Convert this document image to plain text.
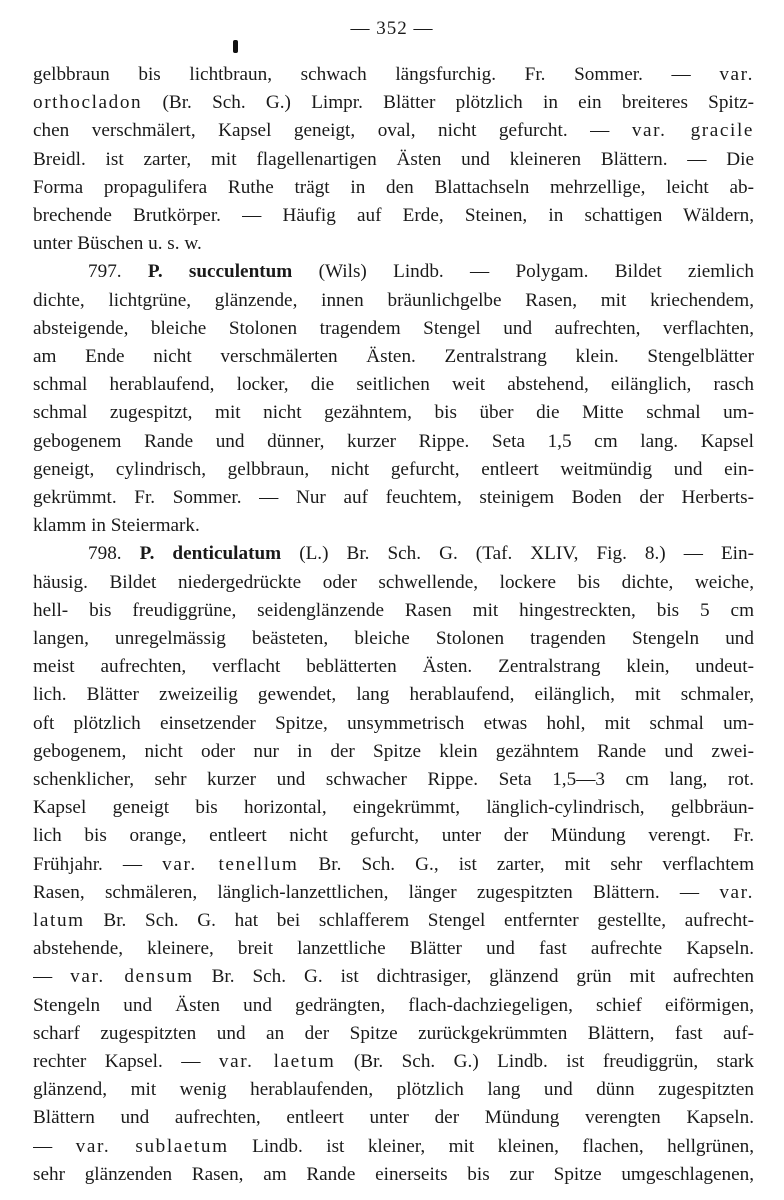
— 352 —
gelbbraun bis lichtbraun, schwach längsfurchig. Fr. Sommer. — var.
orthocladon (Br. Sch. G.) Limpr. Blätter plötzlich in ein breiteres Spitz-
chen verschmälert, Kapsel geneigt, oval, nicht gefurcht. — var. gracile
Breidl. ist zarter, mit flagellenartigen Ästen und kleineren Blättern. — Die
Forma propagulifera Ruthe trägt in den Blattachseln mehrzellige, leicht ab-
brechende Brutkörper. — Häufig auf Erde, Steinen, in schattigen Wäldern,
unter Büschen u. s. w.
797. P. succulentum (Wils) Lindb. — Polygam. Bildet ziemlich
dichte, lichtgrüne, glänzende, innen bräunlichgelbe Rasen, mit kriechendem,
absteigende, bleiche Stolonen tragendem Stengel und aufrechten, verflachten,
am Ende nicht verschmälerten Ästen. Zentralstrang klein. Stengelblätter
schmal herablaufend, locker, die seitlichen weit abstehend, eilänglich, rasch
schmal zugespitzt, mit nicht gezähntem, bis über die Mitte schmal um-
gebogenem Rande und dünner, kurzer Rippe. Seta 1,5 cm lang. Kapsel
geneigt, cylindrisch, gelbbraun, nicht gefurcht, entleert weitmündig und ein-
gekrümmt. Fr. Sommer. — Nur auf feuchtem, steinigem Boden der Herberts-
klamm in Steiermark.
798. P. denticulatum (L.) Br. Sch. G. (Taf. XLIV, Fig. 8.) — Ein-
häusig. Bildet niedergedrückte oder schwellende, lockere bis dichte, weiche,
hell- bis freudiggrüne, seidenglänzende Rasen mit hingestreckten, bis 5 cm
langen, unregelmässig beästeten, bleiche Stolonen tragenden Stengeln und
meist aufrechten, verflacht beblätterten Ästen. Zentralstrang klein, undeut-
lich. Blätter zweizeilig gewendet, lang herablaufend, eilänglich, mit schmaler,
oft plötzlich einsetzender Spitze, unsymmetrisch etwas hohl, mit schmal um-
gebogenem, nicht oder nur in der Spitze klein gezähntem Rande und zwei-
schenklicher, sehr kurzer und schwacher Rippe. Seta 1,5—3 cm lang, rot.
Kapsel geneigt bis horizontal, eingekrümmt, länglich-cylindrisch, gelbbräun-
lich bis orange, entleert nicht gefurcht, unter der Mündung verengt. Fr.
Frühjahr. — var. tenellum Br. Sch. G., ist zarter, mit sehr verflachtem
Rasen, schmäleren, länglich-lanzettlichen, länger zugespitzten Blättern. — var.
latum Br. Sch. G. hat bei schlafferem Stengel entfernter gestellte, aufrecht-
abstehende, kleinere, breit lanzettliche Blätter und fast aufrechte Kapseln.
— var. densum Br. Sch. G. ist dichtrasiger, glänzend grün mit aufrechten
Stengeln und Ästen und gedrängten, flach-dachziegeligen, schief eiförmigen,
scharf zugespitzten und an der Spitze zurückgekrümmten Blättern, fast auf-
rechter Kapsel. — var. laetum (Br. Sch. G.) Lindb. ist freudiggrün, stark
glänzend, mit wenig herablaufenden, plötzlich lang und dünn zugespitzten
Blättern und aufrechten, entleert unter der Mündung verengten Kapseln.
— var. sublaetum Lindb. ist kleiner, mit kleinen, flachen, hellgrünen,
sehr glänzenden Rasen, am Rande einerseits bis zur Spitze umgeschlagenen,
